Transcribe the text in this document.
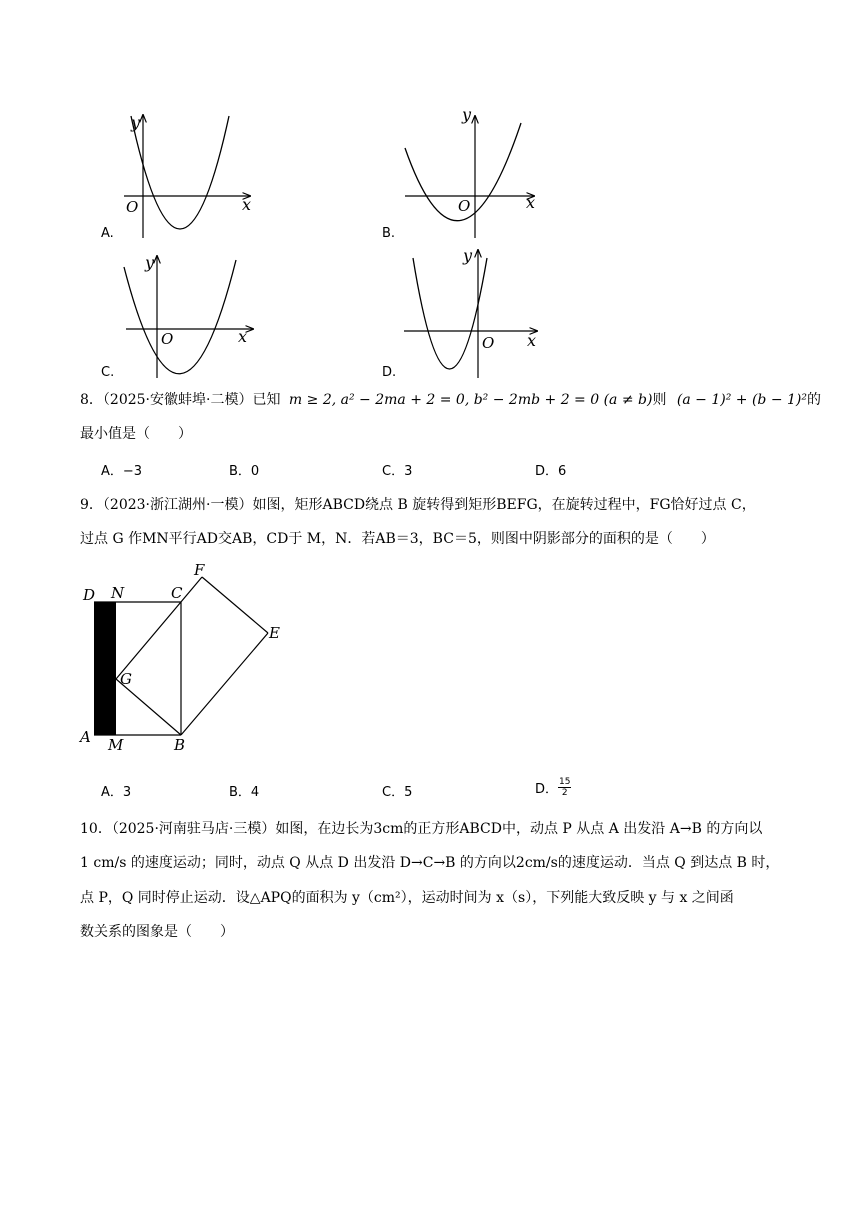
y
x
O
y
x
O
y
x
O
y
x
O
A.	B.
C.	D.
8．（2025·安徽蚌埠·二模）已知 m ≥ 2, a² − 2ma + 2 = 0, b² − 2mb + 2 = 0 (a ≠ b)则 (a − 1)² + (b − 1)²的
最小值是（　　）
A．−3	B．0	C．3	D．6
9．（2023·浙江湖州·一模）如图，矩形ABCD绕点 B 旋转得到矩形BEFG，在旋转过程中，FG恰好过点 C，
过点 G 作MN平行AD交AB，CD于 M，N．若AB＝3，BC＝5，则图中阴影部分的面积的是（　　）
D N	C
F
E
G
A M	B
A．3	B．4	C．5	D． $\frac{15}{2}$
10．（2025·河南驻马店·三模）如图，在边长为3cm的正方形ABCD中，动点 P 从点 A 出发沿 A→B 的方向以
1 cm/s 的速度运动；同时，动点 Q 从点 D 出发沿 D→C→B 的方向以2cm/s的速度运动．当点 Q 到达点 B 时，
点 P，Q 同时停止运动．设△APQ的面积为 y（cm²），运动时间为 x（s），下列能大致反映 y 与 x 之间函
数关系的图象是（　　）
